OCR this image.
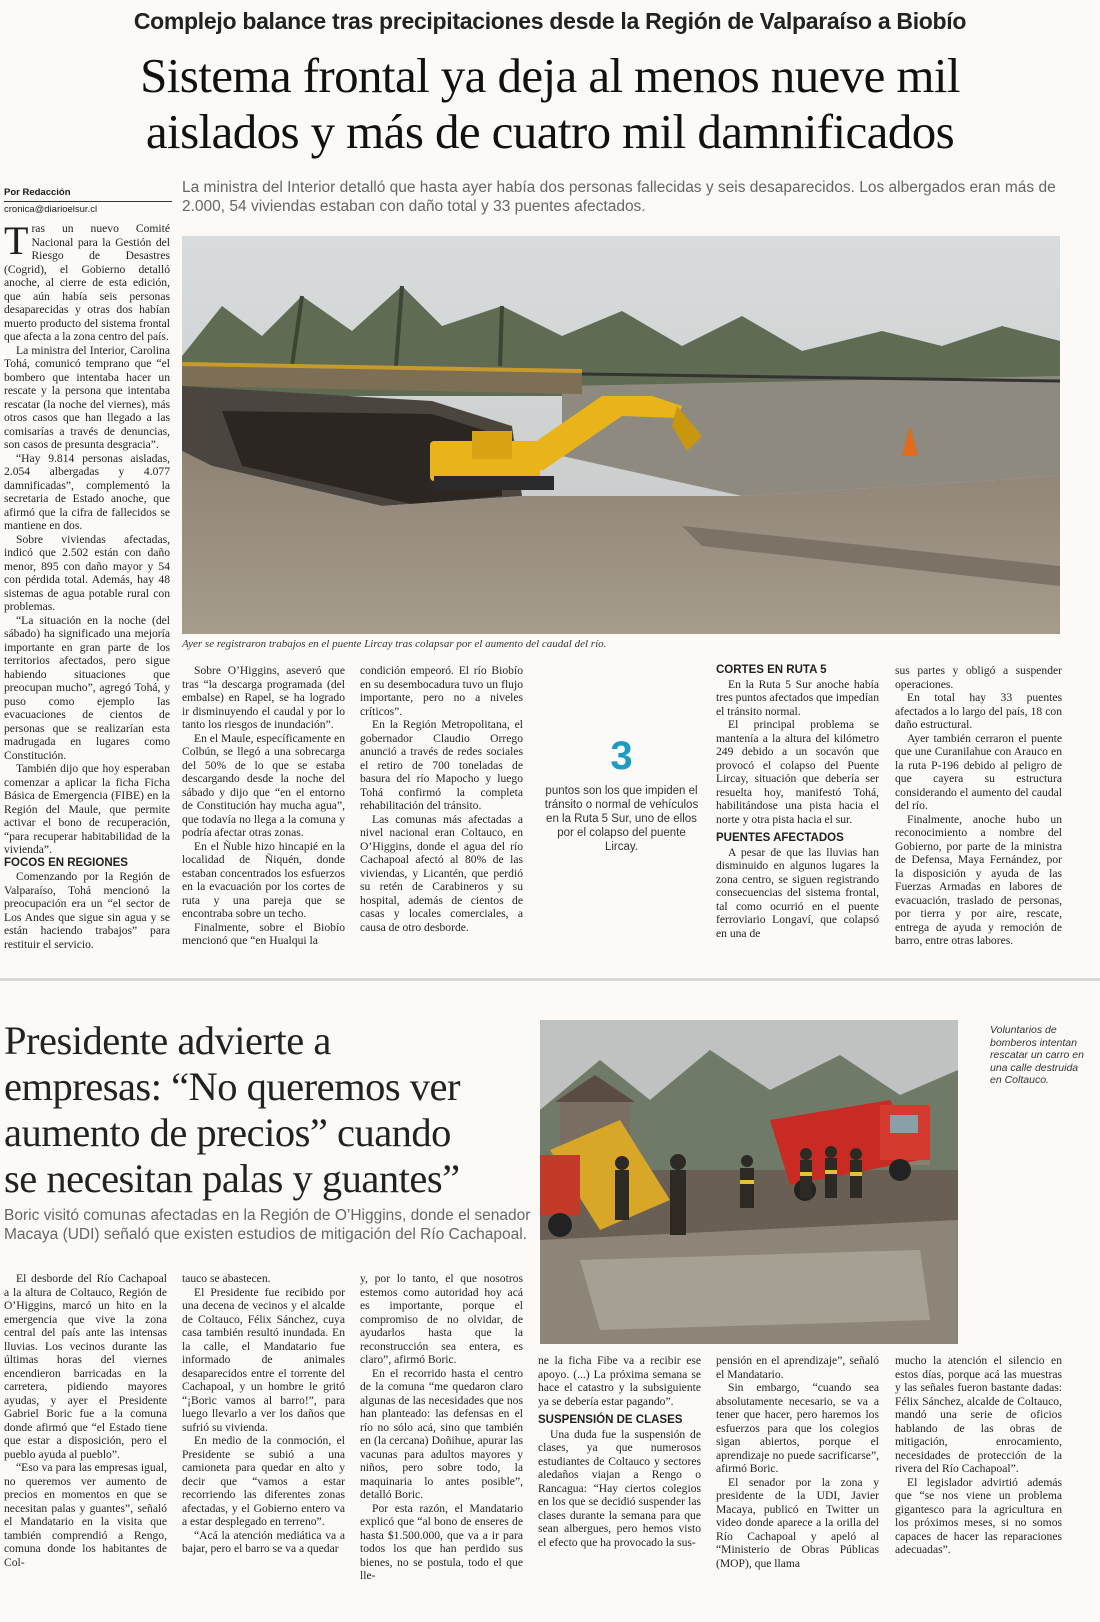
Complejo balance tras precipitaciones desde la Región de Valparaíso a Biobío
Sistema frontal ya deja al menos nueve mil
aislados y más de cuatro mil damnificados
Por Redacción
cronica@diarioelsur.cl
La ministra del Interior detalló que hasta ayer había dos personas fallecidas y seis desaparecidos. Los albergados eran más de 2.000, 54 viviendas estaban con daño total y 33 puentes afectados.
Ayer se registraron trabajos en el puente Lircay tras colapsar por el aumento del caudal del río.

Tras un nuevo Comité Nacional para la Gestión del Riesgo de Desastres (Cogrid), el Gobierno detalló anoche, al cierre de esta edición, que aún había seis personas desaparecidas y otras dos habían muerto producto del sistema frontal que afecta a la zona centro del país.

La ministra del Interior, Carolina Tohá, comunicó temprano que “el bombero que intentaba hacer un rescate y la persona que intentaba rescatar (la noche del viernes), más otros casos que han llegado a las comisarías a través de denuncias, son casos de presunta desgracia”.

“Hay 9.814 personas aisladas, 2.054 albergadas y 4.077 damnificadas”, complementó la secretaria de Estado anoche, que afirmó que la cifra de fallecidos se mantiene en dos.

Sobre viviendas afectadas, indicó que 2.502 están con daño menor, 895 con daño mayor y 54 con pérdida total. Además, hay 48 sistemas de agua potable rural con problemas.

“La situación en la noche (del sábado) ha significado una mejoría importante en gran parte de los territorios afectados, pero sigue habiendo situaciones que preocupan mucho”, agregó Tohá, y puso como ejemplo las evacuaciones de cientos de personas que se realizarían esta madrugada en lugares como Constitución.

También dijo que hoy esperaban comenzar a aplicar la ficha Ficha Básica de Emergencia (FIBE) en la Región del Maule, que permite activar el bono de recuperación, “para recuperar habitabilidad de la vivienda”.

FOCOS EN REGIONES

Comenzando por la Región de Valparaíso, Tohá mencionó la preocupación era un “el sector de Los Andes que sigue sin agua y se están haciendo trabajos” para restituir el servicio.

Sobre O’Higgins, aseveró que tras “la descarga programada (del embalse) en Rapel, se ha logrado ir disminuyendo el caudal y por lo tanto los riesgos de inundación”.

En el Maule, específicamente en Colbún, se llegó a una sobrecarga del 50% de lo que se estaba descargando desde la noche del sábado y dijo que “en el entorno de Constitución hay mucha agua”, que todavía no llega a la comuna y podría afectar otras zonas.

En el Ñuble hizo hincapié en la localidad de Ñiquén, donde estaban concentrados los esfuerzos en la evacuación por los cortes de ruta y una pareja que se encontraba sobre un techo.

Finalmente, sobre el Biobío mencionó que “en Hualqui la

condición empeoró. El río Biobío en su desembocadura tuvo un flujo importante, pero no a niveles críticos”.

En la Región Metropolitana, el gobernador Claudio Orrego anunció a través de redes sociales el retiro de 700 toneladas de basura del río Mapocho y luego Tohá confirmó la completa rehabilitación del tránsito.

Las comunas más afectadas a nivel nacional eran Coltauco, en O’Higgins, donde el agua del río Cachapoal afectó al 80% de las viviendas, y Licantén, que perdió su retén de Carabineros y su hospital, además de cientos de casas y locales comerciales, a causa de otro desborde.

3
puntos son los que impiden el tránsito o normal de vehículos en la Ruta 5 Sur, uno de ellos por el colapso del puente Lircay.

CORTES EN RUTA 5

En la Ruta 5 Sur anoche había tres puntos afectados que impedían el tránsito normal.

El principal problema se mantenía a la altura del kilómetro 249 debido a un socavón que provocó el colapso del Puente Lircay, situación que debería ser resuelta hoy, manifestó Tohá, habilitándose una pista hacia el norte y otra pista hacia el sur.

PUENTES AFECTADOS

A pesar de que las lluvias han disminuido en algunos lugares la zona centro, se siguen registrando consecuencias del sistema frontal, tal como ocurrió en el puente ferroviario Longaví, que colapsó en una de

sus partes y obligó a suspender operaciones.

En total hay 33 puentes afectados a lo largo del país, 18 con daño estructural.

Ayer también cerraron el puente que une Curanilahue con Arauco en la ruta P-196 debido al peligro de que cayera su estructura considerando el aumento del caudal del río.

Finalmente, anoche hubo un reconocimiento a nombre del Gobierno, por parte de la ministra de Defensa, Maya Fernández, por la disposición y ayuda de las Fuerzas Armadas en labores de evacuación, traslado de personas, por tierra y por aire, rescate, entrega de ayuda y remoción de barro, entre otras labores.

Presidente advierte a
empresas: “No queremos ver
aumento de precios” cuando
se necesitan palas y guantes”
Boric visitó comunas afectadas en la Región de O’Higgins, donde el senador Macaya (UDI) señaló que existen estudios de mitigación del Río Cachapoal.
Voluntarios de bomberos intentan rescatar un carro en una calle destruida en Coltauco.

El desborde del Río Cachapoal a la altura de Coltauco, Región de O’Higgins, marcó un hito en la emergencia que vive la zona central del país ante las intensas lluvias. Los vecinos durante las últimas horas del viernes encendieron barricadas en la carretera, pidiendo mayores ayudas, y ayer el Presidente Gabriel Boric fue a la comuna donde afirmó que “el Estado tiene que estar a disposición, pero el pueblo ayuda al pueblo”.

“Eso va para las empresas igual, no queremos ver aumento de precios en momentos en que se necesitan palas y guantes”, señaló el Mandatario en la visita que también comprendió a Rengo, comuna donde los habitantes de Col-

tauco se abastecen.

El Presidente fue recibido por una decena de vecinos y el alcalde de Coltauco, Félix Sánchez, cuya casa también resultó inundada. En la calle, el Mandatario fue informado de animales desaparecidos entre el torrente del Cachapoal, y un hombre le gritó “¡Boric vamos al barro!”, para luego llevarlo a ver los daños que sufrió su vivienda.

En medio de la conmoción, el Presidente se subió a una camioneta para quedar en alto y decir que “vamos a estar recorriendo las diferentes zonas afectadas, y el Gobierno entero va a estar desplegado en terreno”.

“Acá la atención mediática va a bajar, pero el barro se va a quedar

y, por lo tanto, el que nosotros estemos como autoridad hoy acá es importante, porque el compromiso de no olvidar, de ayudarlos hasta que la reconstrucción sea entera, es claro”, afirmó Boric.

En el recorrido hasta el centro de la comuna “me quedaron claro algunas de las necesidades que nos han planteado: las defensas en el río no sólo acá, sino que también en (la cercana) Doñihue, apurar las vacunas para adultos mayores y niños, pero sobre todo, la maquinaria lo antes posible”, detalló Boric.

Por esta razón, el Mandatario explicó que “al bono de enseres de hasta $1.500.000, que va a ir para todos los que han perdido sus bienes, no se postula, todo el que lle-

ne la ficha Fibe va a recibir ese apoyo. (...) La próxima semana se hace el catastro y la subsiguiente ya se debería estar pagando”.

SUSPENSIÓN DE CLASES

Una duda fue la suspensión de clases, ya que numerosos estudiantes de Coltauco y sectores aledaños viajan a Rengo o Rancagua: “Hay ciertos colegios en los que se decidió suspender las clases durante la semana para que sean albergues, pero hemos visto el efecto que ha provocado la sus-

pensión en el aprendizaje”, señaló el Mandatario.

Sin embargo, “cuando sea absolutamente necesario, se va a tener que hacer, pero haremos los esfuerzos para que los colegios sigan abiertos, porque el aprendizaje no puede sacrificarse”, afirmó Boric.

El senador por la zona y presidente de la UDI, Javier Macaya, publicó en Twitter un video donde aparece a la orilla del Río Cachapoal y apeló al “Ministerio de Obras Públicas (MOP), que llama

mucho la atención el silencio en estos días, porque acá las muestras y las señales fueron bastante dadas: Félix Sánchez, alcalde de Coltauco, mandó una serie de oficios hablando de las obras de mitigación, enrocamiento, necesidades de protección de la rivera del Río Cachapoal”.

El legislador advirtió además que “se nos viene un problema gigantesco para la agricultura en los próximos meses, si no somos capaces de hacer las reparaciones adecuadas”.
